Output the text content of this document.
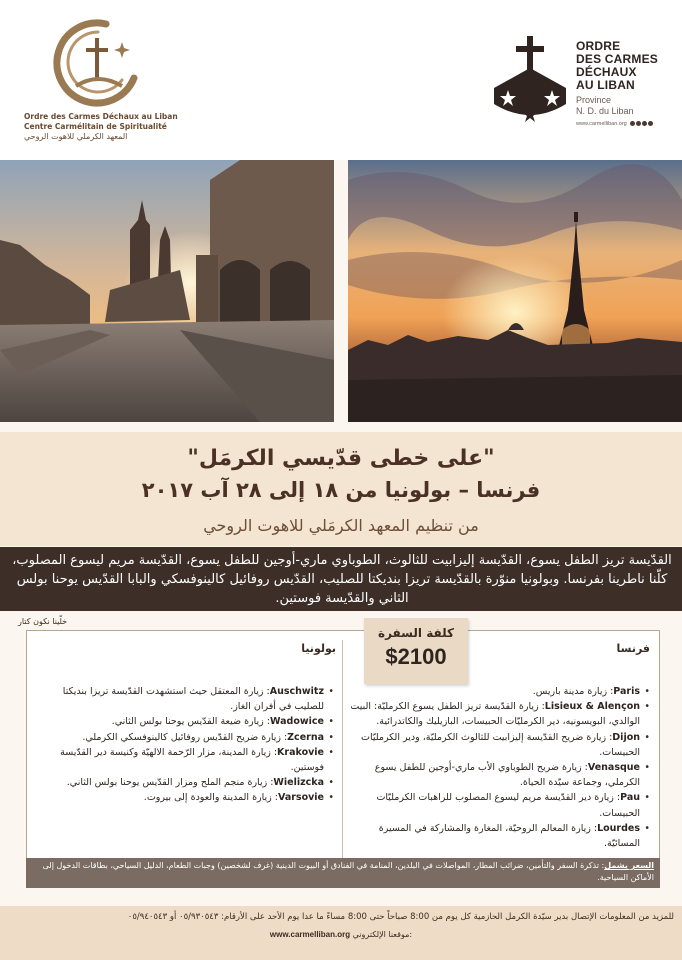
Ordre des Carmes Déchaux au Liban
Centre Carmélitain de Spiritualité
المعهد الكرملي للاهوت الروحي
ORDRE
DES CARMES
DÉCHAUX
AU LIBAN
Province
N. D. du Liban
www.carmelliban.org
"على خطى قدّيسي الكرمَل"
فرنسا – بولونيا من ١٨ إلى ٢٨ آب ٢٠١٧
من تنظيم المعهد الكرمَلي للاهوت الروحي
القدّيسة تريز الطفل يسوع، القدّيسة إليزابيت للثالوث، الطوباوي ماري-أوجين للطفل يسوع، القدّيسة مريم ليسوع المصلوب، كلّنا ناطرينا بفرنسا. وبولونيا منوّرة بالقدّيسة تريزا بنديكتا للصليب، القدّيس روفائيل كالينوفسكي والبابا القدّيس يوحنا بولس الثاني والقدّيسة فوستين.
خلّينا نكون كتار
فرنسا
بولونيا
• Paris: زيارة مدينة باريس.
• Lisieux & Alençon: زيارة القدّيسة تريز الطفل يسوع الكرمليّة: البيت الوالدي، البويسونيه، دير الكرمليّات الحبيسات، البازيليك والكاتدرائية.
• Dijon: زيارة ضريح القدّيسة إليزابيت للثالوث الكرمليّة، ودير الكرمليّات الحبيسات.
• Venasque: زيارة ضريح الطوباوي الأب ماري-أوجين للطفل يسوع الكرملي، وجماعة سيّدة الحياة.
• Pau: زيارة دير القدّيسة مريم ليسوع المصلوب للراهبات الكرمليّات الحبيسات.
• Lourdes: زيارة المعالم الروحيّة، المغارة والمشاركة في المسيرة المسائيّة.
• Auschwitz: زيارة المعتقل حيث استشهدت القدّيسة تريزا بنديكتا للصليب في أفران الغاز.
• Wadowice: زيارة ضيعة القدّيس يوحنا بولس الثاني.
• Zcerna: زيارة ضريح القدّيس روفائيل كالينوفسكي الكرملي.
• Krakovie: زيارة المدينة، مزار الرّحمة الالهيّة وكنيسة دير القدّيسة فوستين.
• Wielizcka: زيارة منجم الملح ومزار القدّيس يوحنا بولس الثاني.
• Varsovie: زيارة المدينة والعودة إلى بيروت.
كلفة السفرة
$2100
السعر يشمل: تذكرة السفر والتأمين، ضرائب المطار، المواصلات في البلدين، المنامة في الفنادق أو البيوت الدينية (غرف لشخصين) وجبات الطعام، الدليل السياحي، بطاقات الدخول إلى الأماكن السياحية.
للمزيد من المعلومات الإتصال بدير سيّدة الكرمل الحازمية كل يوم من 8:00 صباحاً حتى 8:00 مساءً ما عدا يوم الأحد على الأرقام: ٠٥/٩٣٠٥٤٣ أو ٠٥/٩٤٠٥٤٣
www.carmelliban.org موقعنا الإلكتروني:
